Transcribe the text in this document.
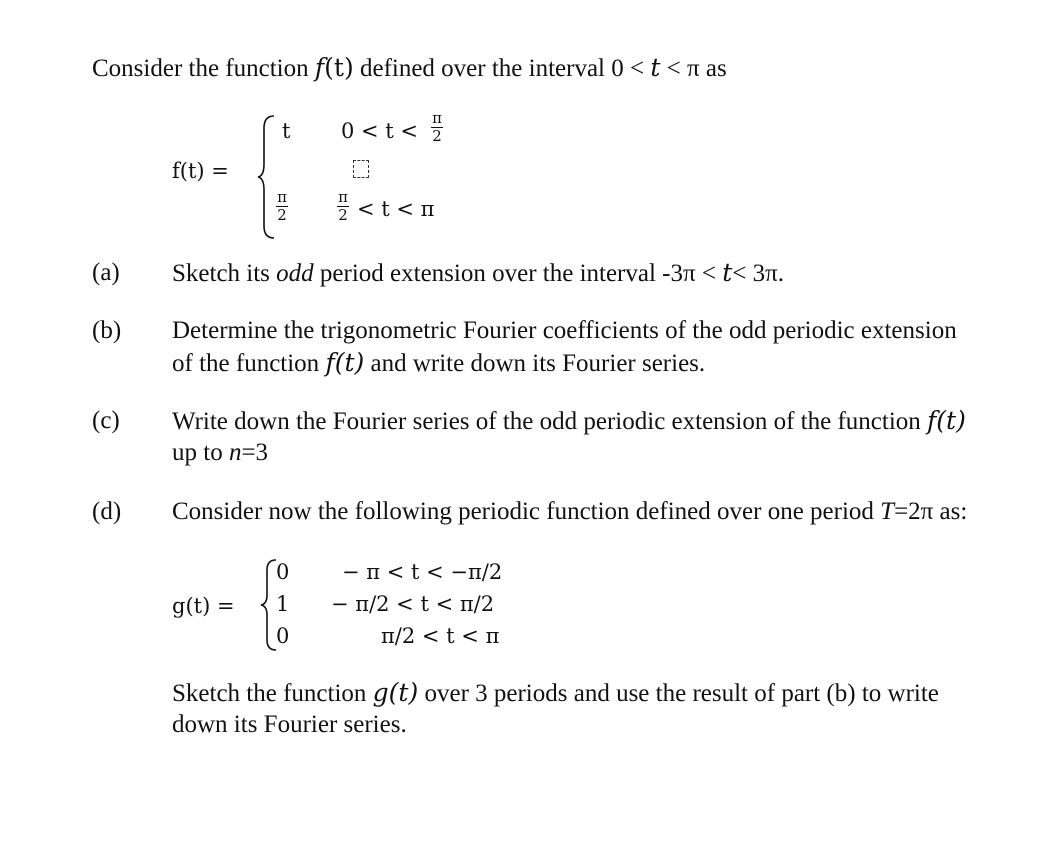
Consider the function f(t) defined over the interval 0 < t < π as
f(t) =
t 0 < t <
π
2
π
2
π
2 < t < π
(a) Sketch its odd period extension over the interval -3π < t< 3π.
(b) Determine the trigonometric Fourier coefficients of the odd periodic extension
of the function f(t) and write down its Fourier series.
(c) Write down the Fourier series of the odd periodic extension of the function f(t)
up to n=3
(d) Consider now the following periodic function defined over one period T=2π as:
g(t) =
0
1
0
− π < t < −π/2
− π/2 < t < π/2
π/2 < t < π
Sketch the function g(t) over 3 periods and use the result of part (b) to write
down its Fourier series.
